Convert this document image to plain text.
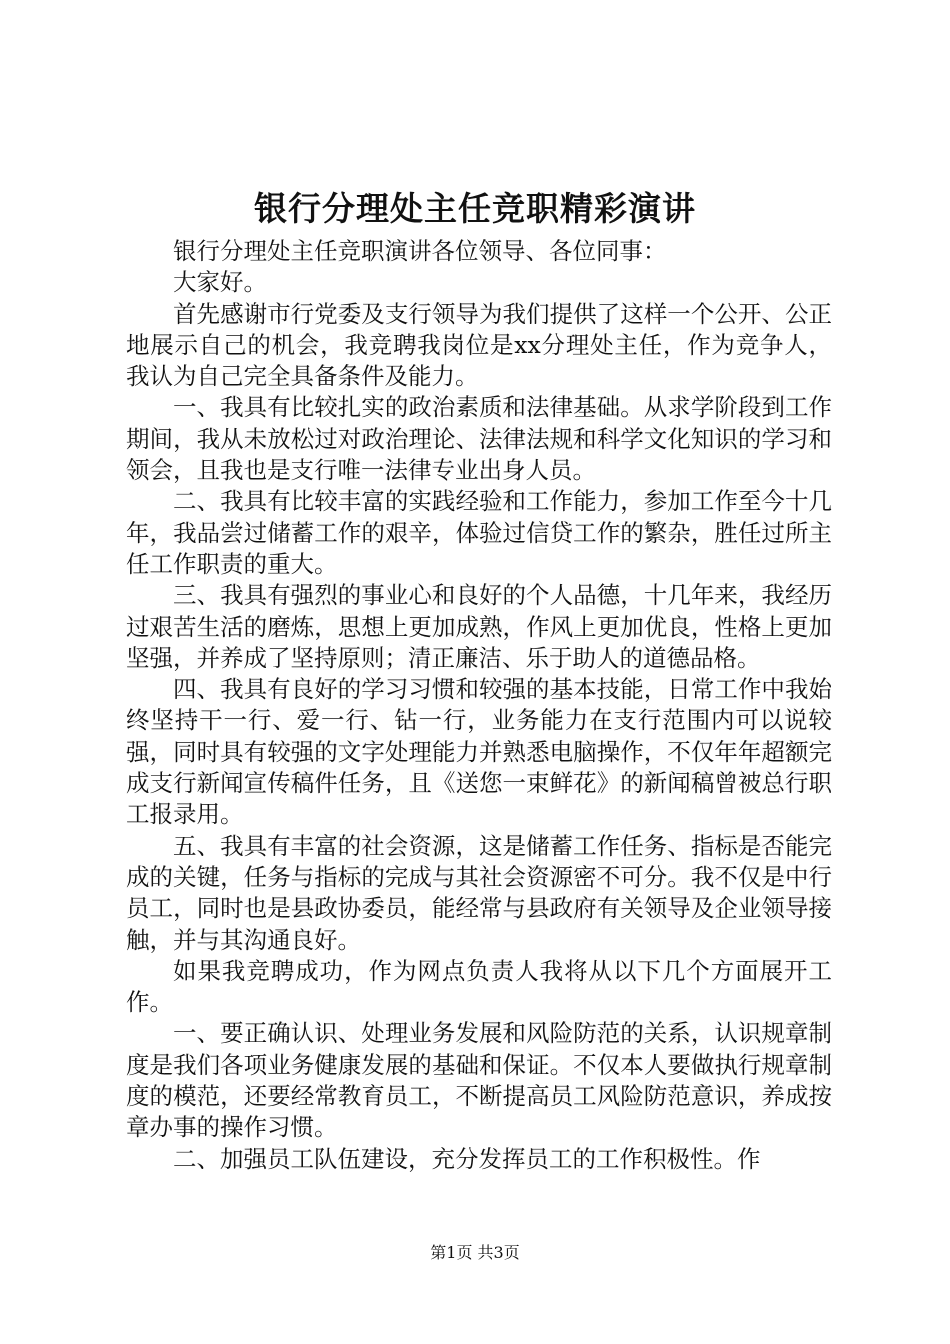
银行分理处主任竞职精彩演讲

银行分理处主任竞职演讲各位领导、各位同事：

大家好。

首先感谢市行党委及支行领导为我们提供了这样一个公开、公正地展示自己的机会，我竞聘我岗位是xx分理处主任，作为竞争人，我认为自己完全具备条件及能力。

一、我具有比较扎实的政治素质和法律基础。从求学阶段到工作期间，我从未放松过对政治理论、法律法规和科学文化知识的学习和领会，且我也是支行唯一法律专业出身人员。

二、我具有比较丰富的实践经验和工作能力，参加工作至今十几年，我品尝过储蓄工作的艰辛，体验过信贷工作的繁杂，胜任过所主任工作职责的重大。

三、我具有强烈的事业心和良好的个人品德，十几年来，我经历过艰苦生活的磨炼，思想上更加成熟，作风上更加优良，性格上更加坚强，并养成了坚持原则；清正廉洁、乐于助人的道德品格。

四、我具有良好的学习习惯和较强的基本技能，日常工作中我始终坚持干一行、爱一行、钻一行，业务能力在支行范围内可以说较强，同时具有较强的文字处理能力并熟悉电脑操作，不仅年年超额完成支行新闻宣传稿件任务，且《送您一束鲜花》的新闻稿曾被总行职工报录用。

五、我具有丰富的社会资源，这是储蓄工作任务、指标是否能完成的关键，任务与指标的完成与其社会资源密不可分。我不仅是中行员工，同时也是县政协委员，能经常与县政府有关领导及企业领导接触，并与其沟通良好。

如果我竞聘成功，作为网点负责人我将从以下几个方面展开工作。

一、要正确认识、处理业务发展和风险防范的关系，认识规章制度是我们各项业务健康发展的基础和保证。不仅本人要做执行规章制度的模范，还要经常教育员工，不断提高员工风险防范意识，养成按章办事的操作习惯。

二、加强员工队伍建设，充分发挥员工的工作积极性。作

第1页 共3页
